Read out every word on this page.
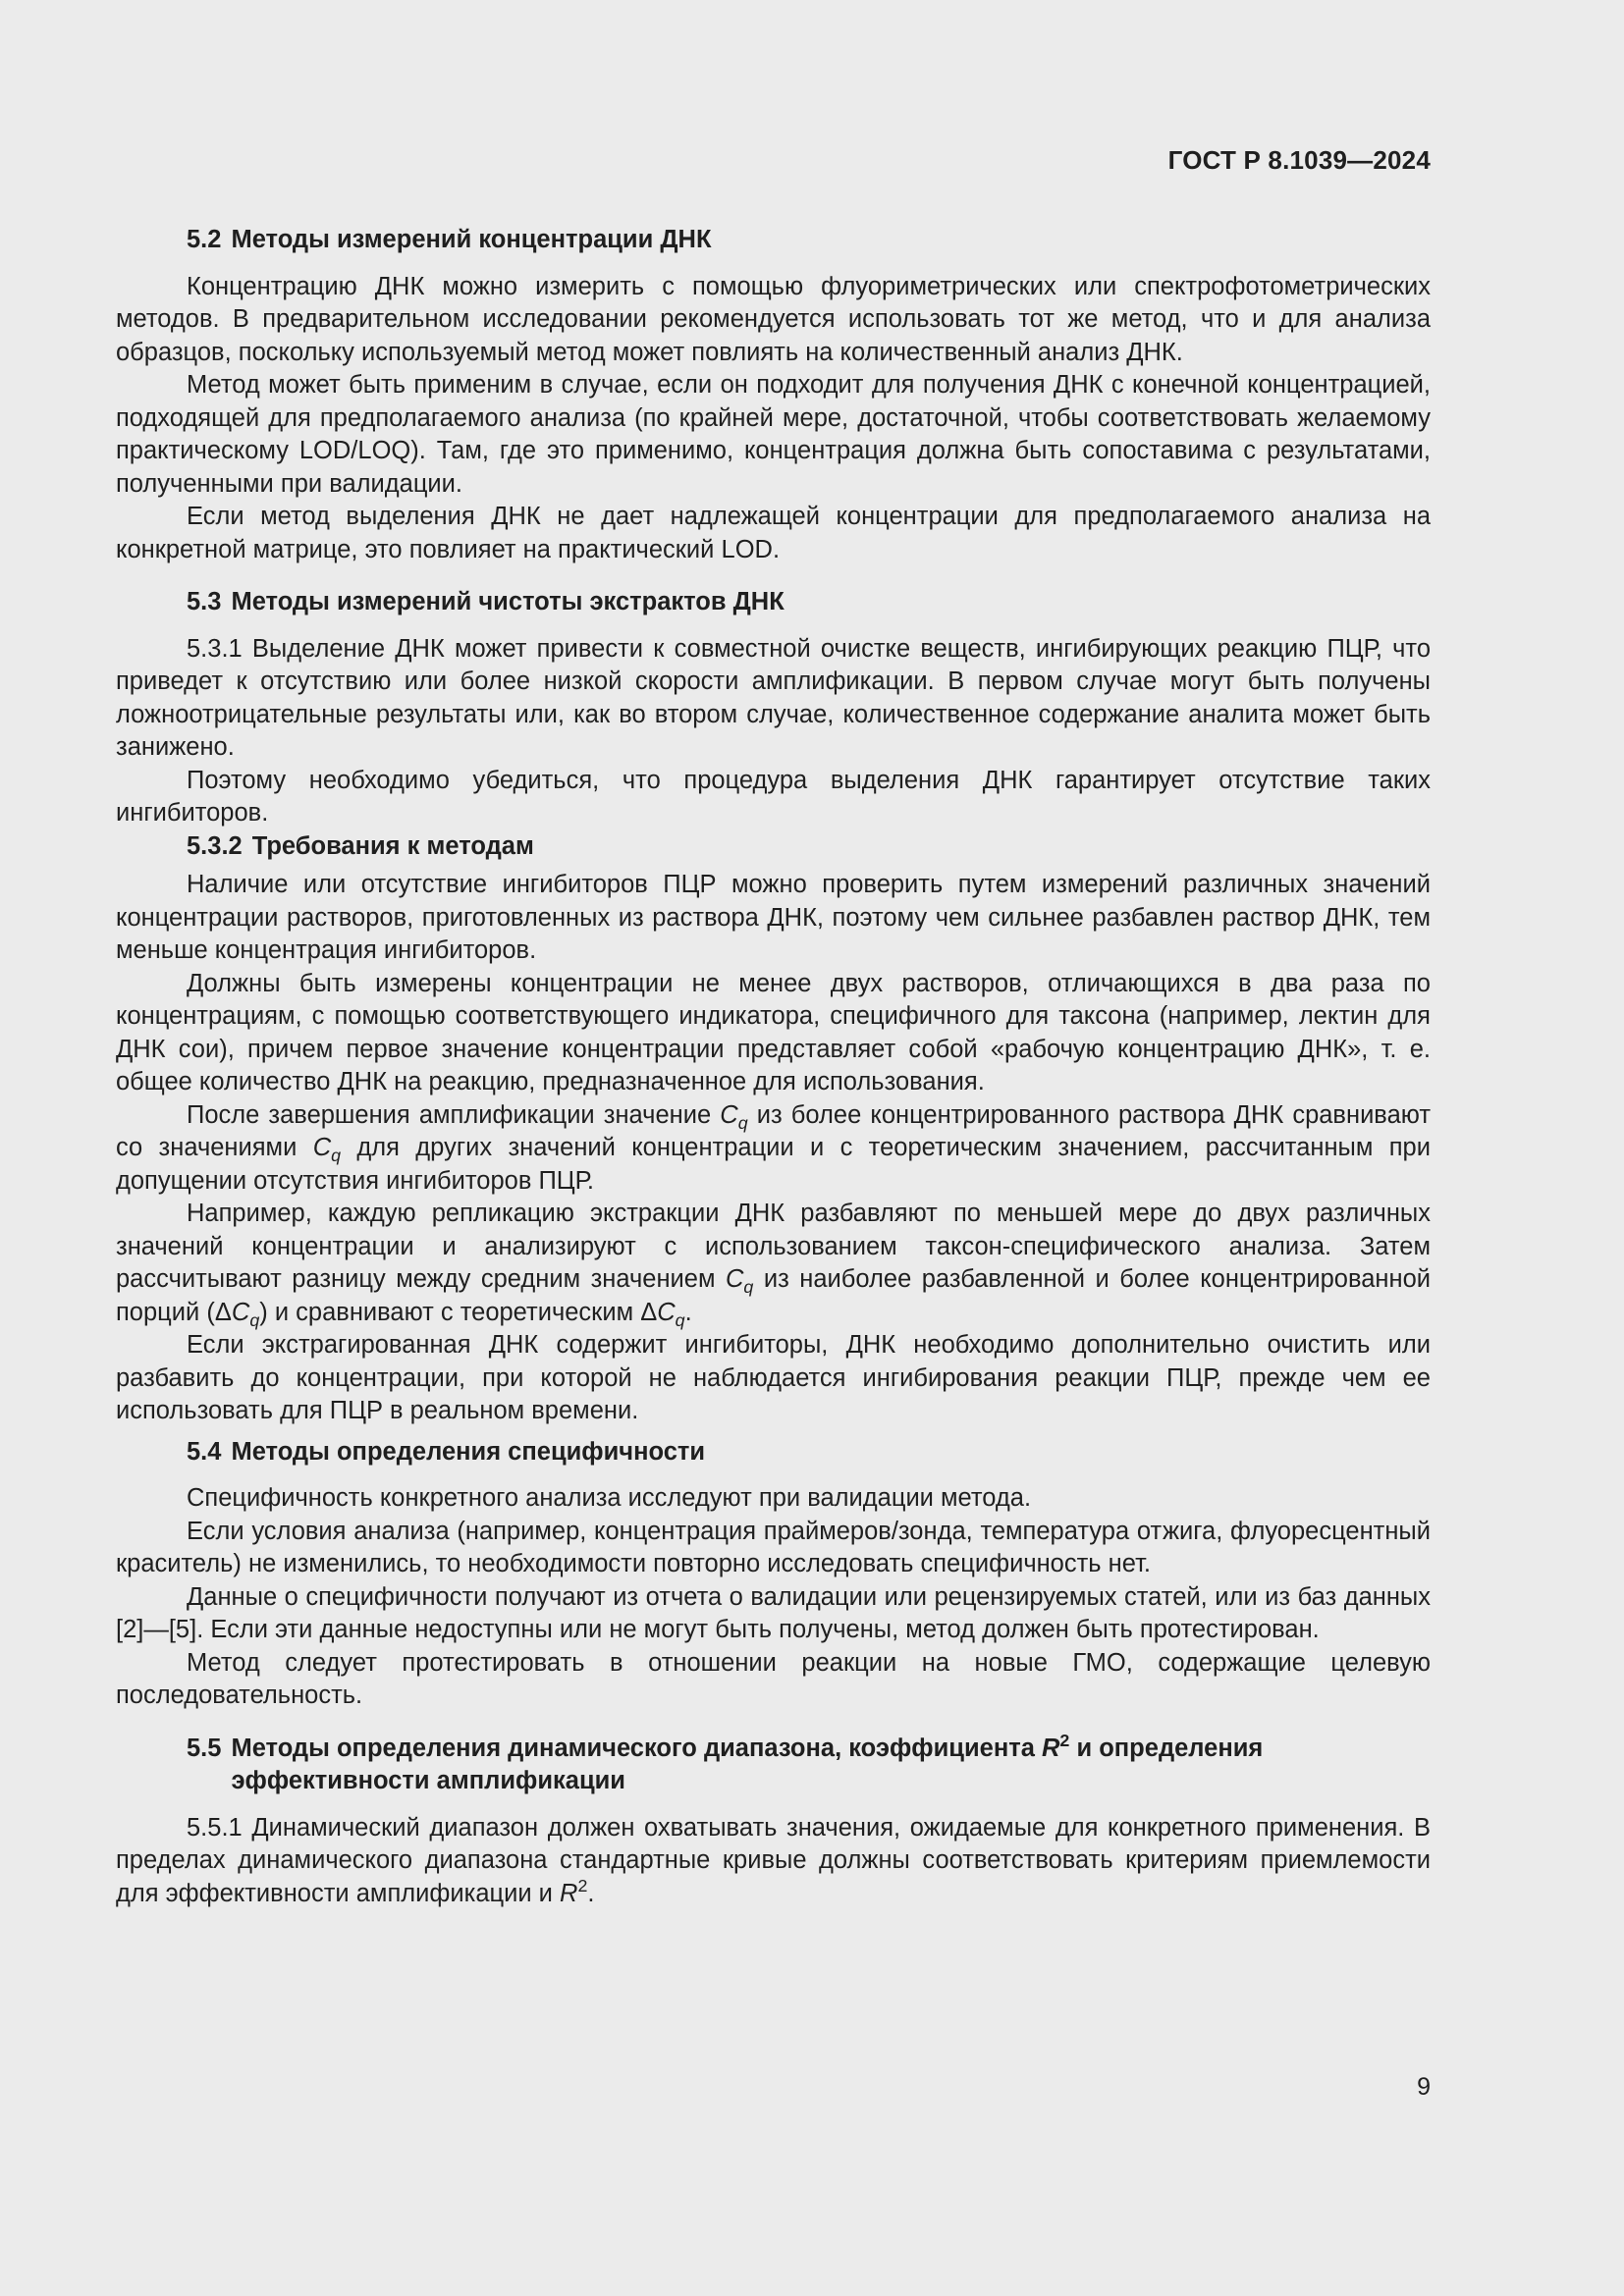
ГОСТ Р 8.1039—2024
5.2 Методы измерений концентрации ДНК
Концентрацию ДНК можно измерить с помощью флуориметрических или спектрофотометрических методов. В предварительном исследовании рекомендуется использовать тот же метод, что и для анализа образцов, поскольку используемый метод может повлиять на количественный анализ ДНК.
Метод может быть применим в случае, если он подходит для получения ДНК с конечной концентрацией, подходящей для предполагаемого анализа (по крайней мере, достаточной, чтобы соответствовать желаемому практическому LOD/LOQ). Там, где это применимо, концентрация должна быть сопоставима с результатами, полученными при валидации.
Если метод выделения ДНК не дает надлежащей концентрации для предполагаемого анализа на конкретной матрице, это повлияет на практический LOD.
5.3 Методы измерений чистоты экстрактов ДНК
5.3.1 Выделение ДНК может привести к совместной очистке веществ, ингибирующих реакцию ПЦР, что приведет к отсутствию или более низкой скорости амплификации. В первом случае могут быть получены ложноотрицательные результаты или, как во втором случае, количественное содержание аналита может быть занижено.
Поэтому необходимо убедиться, что процедура выделения ДНК гарантирует отсутствие таких ингибиторов.
5.3.2 Требования к методам
Наличие или отсутствие ингибиторов ПЦР можно проверить путем измерений различных значений концентрации растворов, приготовленных из раствора ДНК, поэтому чем сильнее разбавлен раствор ДНК, тем меньше концентрация ингибиторов.
Должны быть измерены концентрации не менее двух растворов, отличающихся в два раза по концентрациям, с помощью соответствующего индикатора, специфичного для таксона (например, лектин для ДНК сои), причем первое значение концентрации представляет собой «рабочую концентрацию ДНК», т. е. общее количество ДНК на реакцию, предназначенное для использования.
После завершения амплификации значение $C_q$ из более концентрированного раствора ДНК сравнивают со значениями $C_q$ для других значений концентрации и с теоретическим значением, рассчитанным при допущении отсутствия ингибиторов ПЦР.
Например, каждую репликацию экстракции ДНК разбавляют по меньшей мере до двух различных значений концентрации и анализируют с использованием таксон-специфического анализа. Затем рассчитывают разницу между средним значением $C_q$ из наиболее разбавленной и более концентрированной порций $(\Delta C_q)$ и сравнивают с теоретическим $\Delta C_q$.
Если экстрагированная ДНК содержит ингибиторы, ДНК необходимо дополнительно очистить или разбавить до концентрации, при которой не наблюдается ингибирования реакции ПЦР, прежде чем ее использовать для ПЦР в реальном времени.
5.4 Методы определения специфичности
Специфичность конкретного анализа исследуют при валидации метода.
Если условия анализа (например, концентрация праймеров/зонда, температура отжига, флуоресцентный краситель) не изменились, то необходимости повторно исследовать специфичность нет.
Данные о специфичности получают из отчета о валидации или рецензируемых статей, или из баз данных [2]—[5]. Если эти данные недоступны или не могут быть получены, метод должен быть протестирован.
Метод следует протестировать в отношении реакции на новые ГМО, содержащие целевую последовательность.
5.5 Методы определения динамического диапазона, коэффициента $R^2$ и определения эффективности амплификации
5.5.1 Динамический диапазон должен охватывать значения, ожидаемые для конкретного применения. В пределах динамического диапазона стандартные кривые должны соответствовать критериям приемлемости для эффективности амплификации и $R^2$.
9
